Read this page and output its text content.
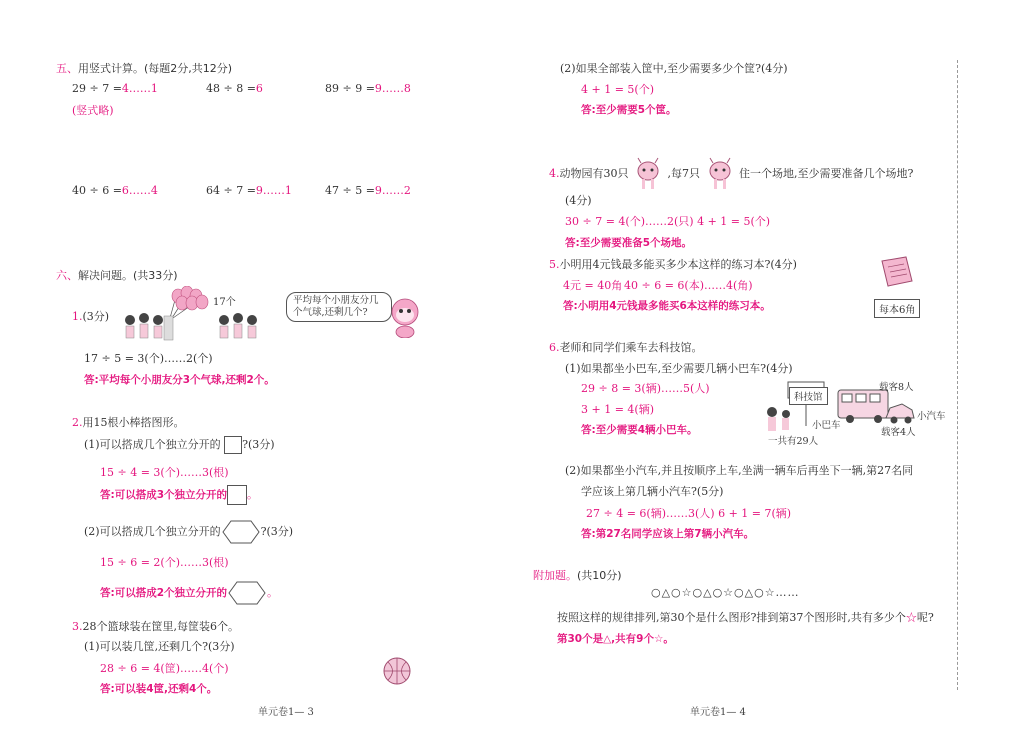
五、用竖式计算。(每题2分,共12分)
29 ÷ 7 =4……1	48 ÷ 8 =6	89 ÷ 9 =9……8
(竖式略)
40 ÷ 6 =6……4	64 ÷ 7 =9……1	47 ÷ 5 =9……2
六、解决问题。(共33分)
1.(3分)
17个	平均每个小朋友分几个气球,还剩几个?
17 ÷ 5 = 3(个)……2(个)
答:平均每个小朋友分3个气球,还剩2个。
2.用15根小棒搭图形。
(1)可以搭成几个独立分开的 ?(3分)
15 ÷ 4 = 3(个)……3(根)
答:可以搭成3个独立分开的 。
(2)可以搭成几个独立分开的	?(3分)
15 ÷ 6 = 2(个)……3(根)
答:可以搭成2个独立分开的	。
3.28个篮球装在筐里,每筐装6个。
(1)可以装几筐,还剩几个?(3分)
28 ÷ 6 = 4(筐)……4(个)
答:可以装4筐,还剩4个。
单元卷1— 3
(2)如果全部装入筐中,至少需要多少个筐?(4分)
4 + 1 = 5(个)
答:至少需要5个筐。
4.动物园有30只	,每7只	住一个场地,至少需要准备几个场地?
(4分)
30 ÷ 7 = 4(个)……2(只) 4 + 1 = 5(个)
答:至少需要准备5个场地。
5.小明用4元钱最多能买多少本这样的练习本?(4分)
4元 = 40角 40 ÷ 6 = 6(本)……4(角)
答:小明用4元钱最多能买6本这样的练习本。	每本6角
6.老师和同学们乘车去科技馆。
(1)如果都坐小巴车,至少需要几辆小巴车?(4分)
29 ÷ 8 = 3(辆)……5(人)
3 + 1 = 4(辆)
答:至少需要4辆小巴车。
科技馆
载客8人
小巴车
小汽车
载客4人
一共有29人
(2)如果都坐小汽车,并且按顺序上车,坐满一辆车后再坐下一辆,第27名同
学应该上第几辆小汽车?(5分)
27 ÷ 4 = 6(辆)……3(人) 6 + 1 = 7(辆)
答:第27名同学应该上第7辆小汽车。
附加题。(共10分)
○△○☆○△○☆○△○☆……
按照这样的规律排列,第30个是什么图形?排到第37个图形时,共有多少个☆呢?
第30个是△,共有9个☆。
单元卷1— 4
